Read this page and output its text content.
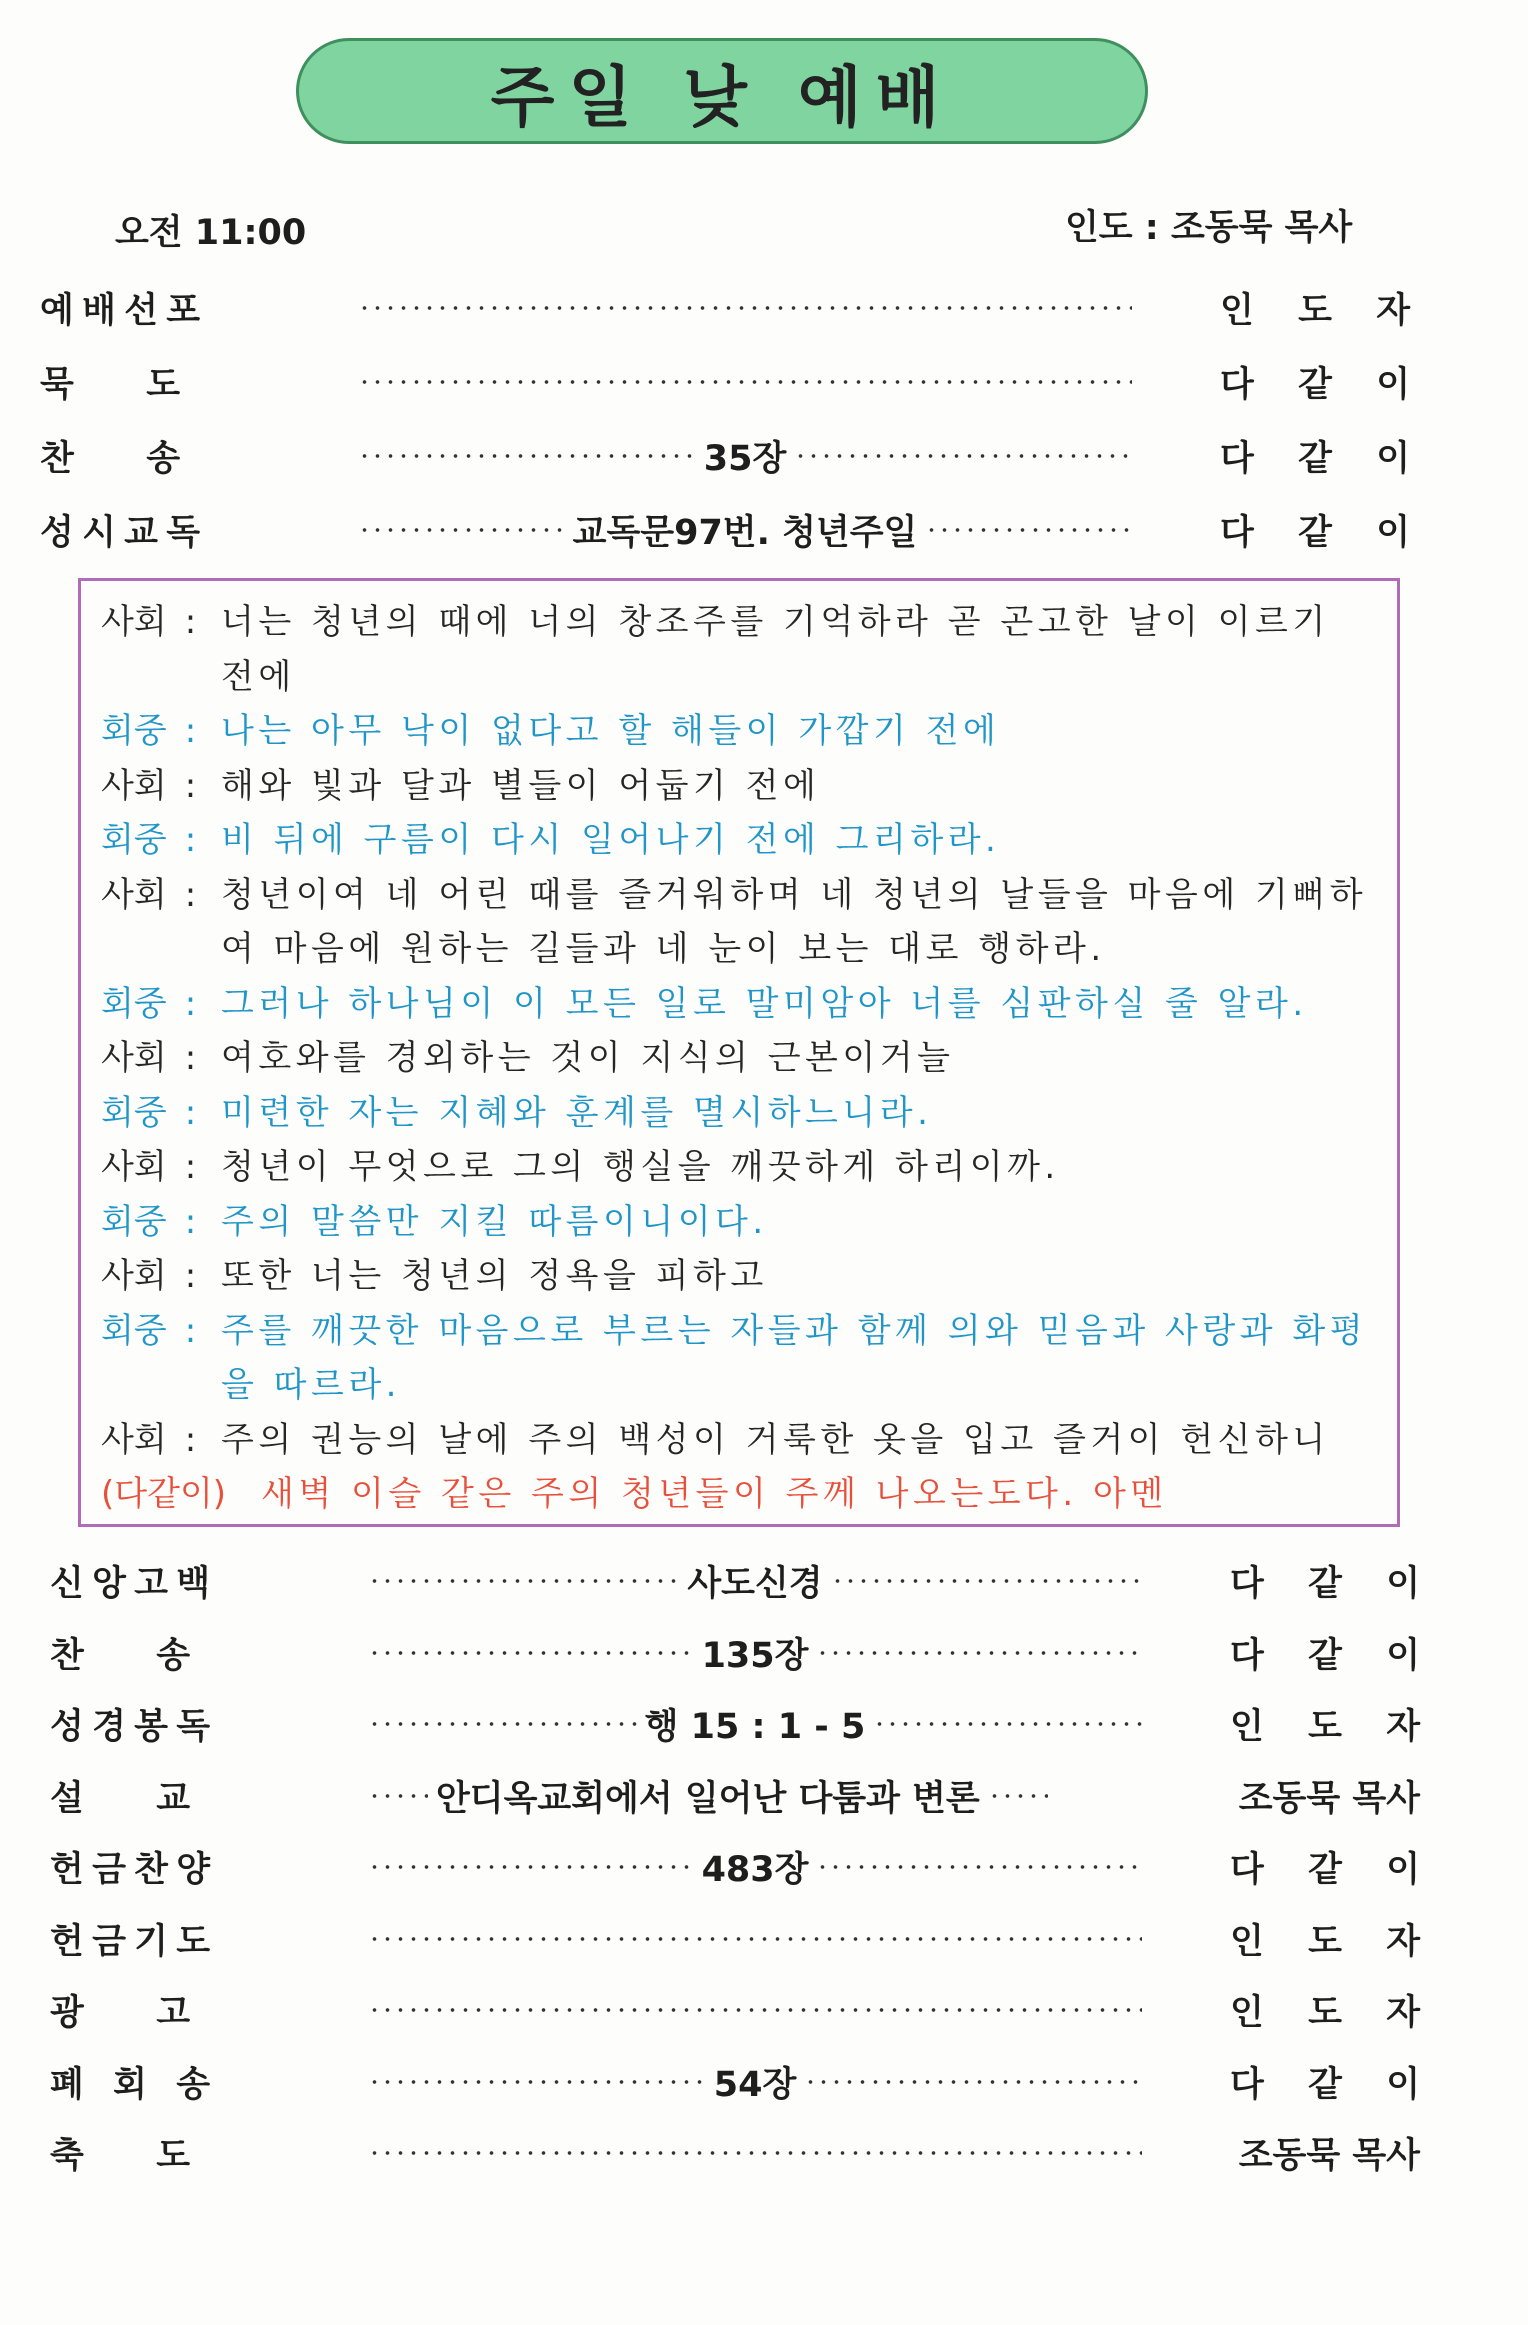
주일 낮 예배
오전 11:00	인도 : 조동묵 목사
예 배 선 포	인 도 자
묵 도	다 같 이
찬 송	35장	다 같 이
성 시 교 독	교독문97번. 청년주일	다 같 이
사회 : 너는 청년의 때에 너의 창조주를 기억하라 곧 곤고한 날이 이르기 전에
회중 : 나는 아무 낙이 없다고 할 해들이 가깝기 전에
사회 : 해와 빛과 달과 별들이 어둡기 전에
회중 : 비 뒤에 구름이 다시 일어나기 전에 그리하라.
사회 : 청년이여 네 어린 때를 즐거워하며 네 청년의 날들을 마음에 기뻐하여 마음에 원하는 길들과 네 눈이 보는 대로 행하라.
회중 : 그러나 하나님이 이 모든 일로 말미암아 너를 심판하실 줄 알라.
사회 : 여호와를 경외하는 것이 지식의 근본이거늘
회중 : 미련한 자는 지혜와 훈계를 멸시하느니라.
사회 : 청년이 무엇으로 그의 행실을 깨끗하게 하리이까.
회중 : 주의 말씀만 지킬 따름이니이다.
사회 : 또한 너는 청년의 정욕을 피하고
회중 : 주를 깨끗한 마음으로 부르는 자들과 함께 의와 믿음과 사랑과 화평을 따르라.
사회 : 주의 권능의 날에 주의 백성이 거룩한 옷을 입고 즐거이 헌신하니
(다같이)	새벽 이슬 같은 주의 청년들이 주께 나오는도다. 아멘
신 앙 고 백	사도신경	다 같 이
찬 송	135장	다 같 이
성 경 봉 독	행 15 : 1 - 5	인 도 자
설 교	안디옥교회에서 일어난 다툼과 변론	조동묵 목사
헌 금 찬 양	483장	다 같 이
헌 금 기 도	인 도 자
광 고	인 도 자
폐 회 송	54장	다 같 이
축 도	조동묵 목사
